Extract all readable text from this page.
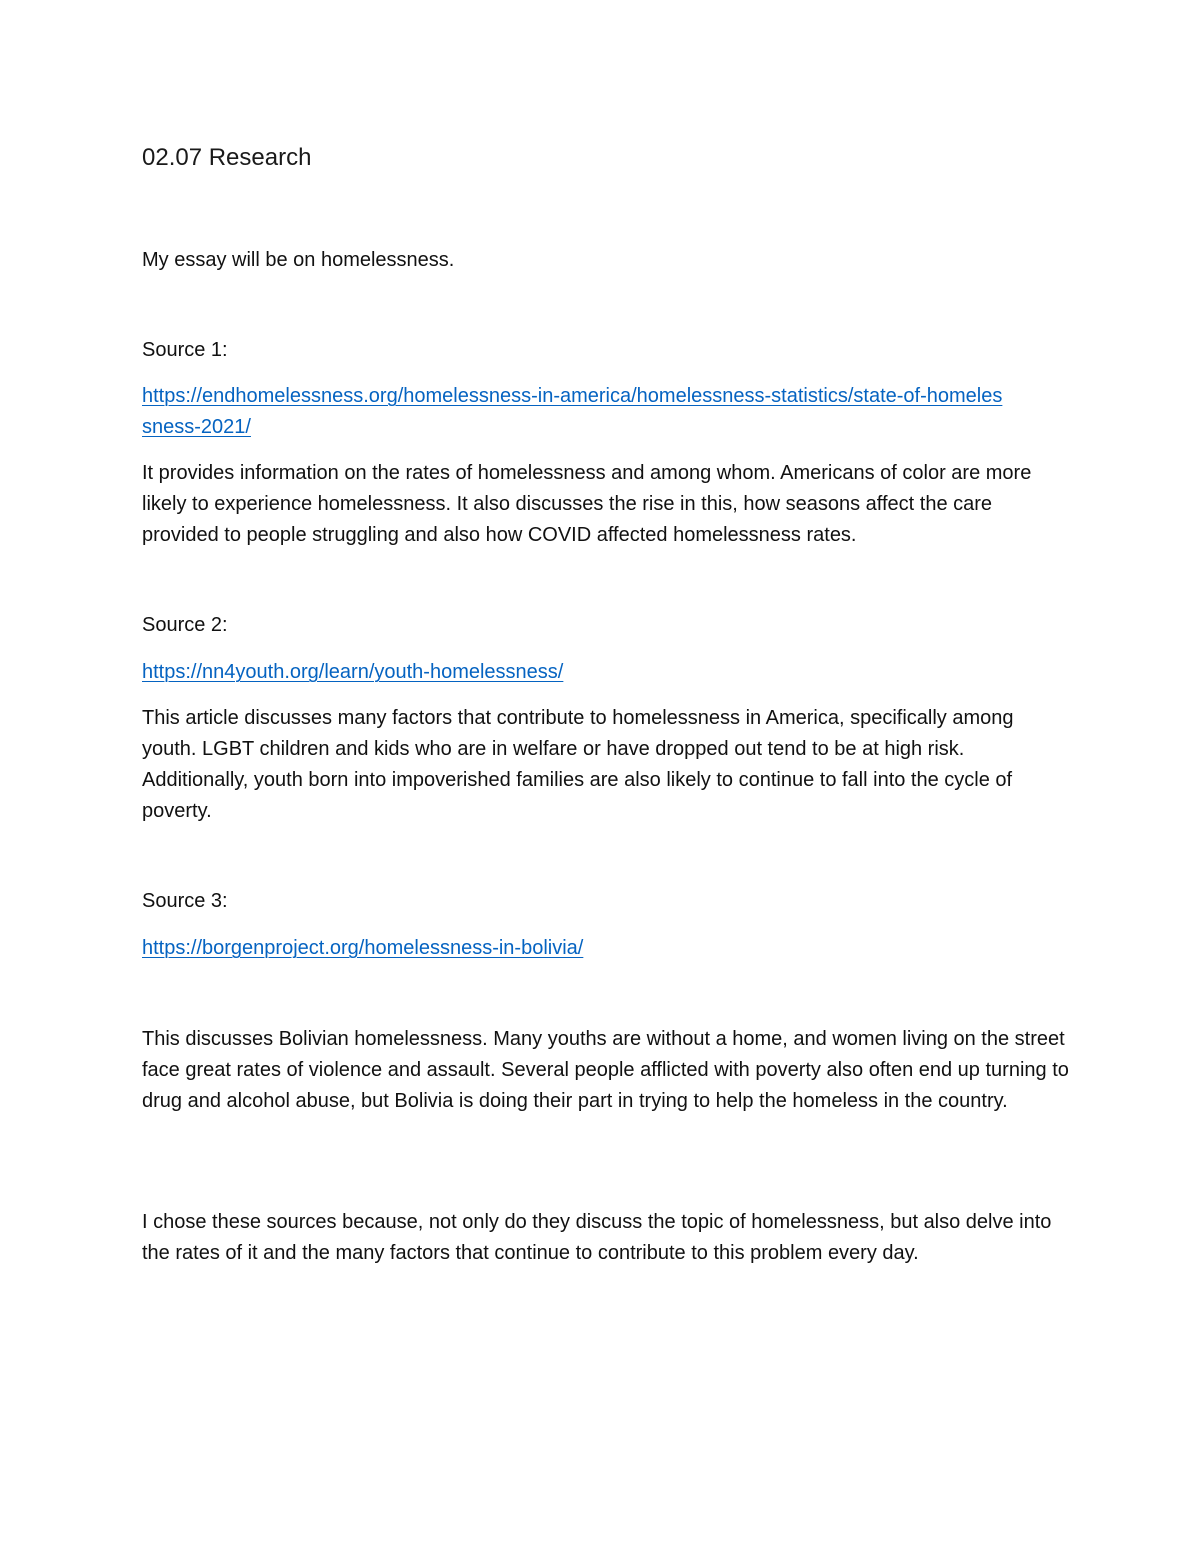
02.07 Research

My essay will be on homelessness.

Source 1:

https://endhomelessness.org/homelessness-in-america/homelessness-statistics/state-of-homelessness-2021/

It provides information on the rates of homelessness and among whom. Americans of color are more likely to experience homelessness. It also discusses the rise in this, how seasons affect the care provided to people struggling and also how COVID affected homelessness rates.

Source 2:

https://nn4youth.org/learn/youth-homelessness/

This article discusses many factors that contribute to homelessness in America, specifically among youth. LGBT children and kids who are in welfare or have dropped out tend to be at high risk. Additionally, youth born into impoverished families are also likely to continue to fall into the cycle of poverty.

Source 3:

https://borgenproject.org/homelessness-in-bolivia/

This discusses Bolivian homelessness. Many youths are without a home, and women living on the street face great rates of violence and assault. Several people afflicted with poverty also often end up turning to drug and alcohol abuse, but Bolivia is doing their part in trying to help the homeless in the country.

I chose these sources because, not only do they discuss the topic of homelessness, but also delve into the rates of it and the many factors that continue to contribute to this problem every day.
